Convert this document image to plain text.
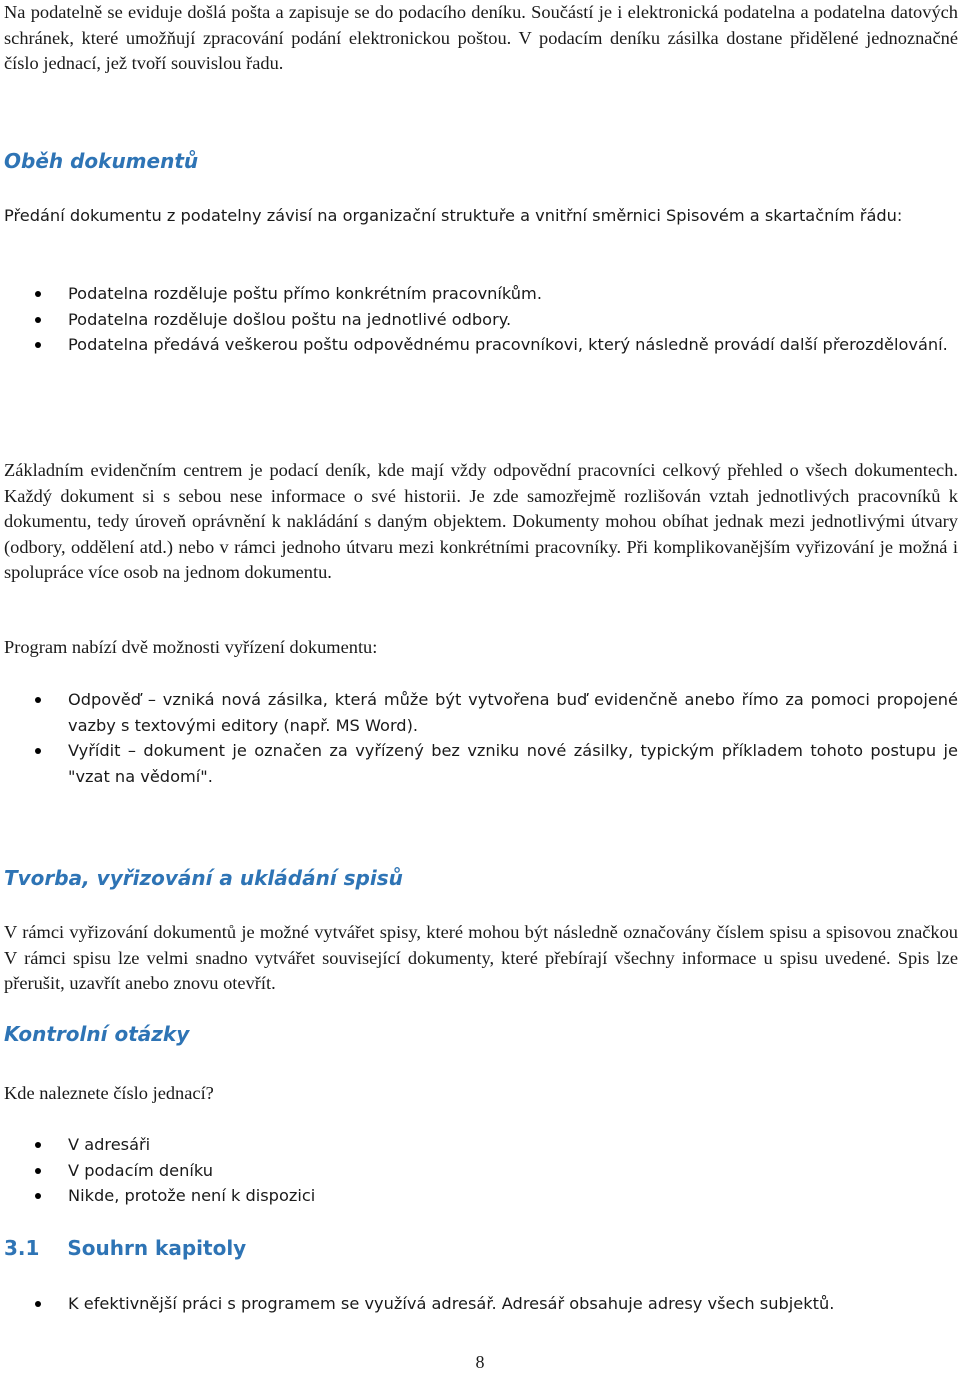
Na podatelně se eviduje došlá pošta a zapisuje se do podacího deníku. Součástí je i elektronická podatelna a podatelna datových schránek, které umožňují zpracování podání elektronickou poštou. V podacím deníku zásilka dostane přidělené jednoznačné číslo jednací, jež tvoří souvislou řadu.

Oběh dokumentů

Předání dokumentu z podatelny závisí na organizační struktuře a vnitřní směrnici Spisovém a skartačním řádu:

Podatelna rozděluje poštu přímo konkrétním pracovníkům.
Podatelna rozděluje došlou poštu na jednotlivé odbory.
Podatelna předává veškerou poštu odpovědnému pracovníkovi, který následně provádí další přerozdělování.

Základním evidenčním centrem je podací deník, kde mají vždy odpovědní pracovníci celkový přehled o všech dokumentech. Každý dokument si s sebou nese informace o své historii. Je zde samozřejmě rozlišován vztah jednotlivých pracovníků k dokumentu, tedy úroveň oprávnění k nakládání s daným objektem. Dokumenty mohou obíhat jednak mezi jednotlivými útvary (odbory, oddělení atd.) nebo v rámci jednoho útvaru mezi konkrétními pracovníky. Při komplikovanějším vyřizování je možná i spolupráce více osob na jednom dokumentu.

Program nabízí dvě možnosti vyřízení dokumentu:

Odpověď – vzniká nová zásilka, která může být vytvořena buď evidenčně anebo římo za pomoci propojené vazby s textovými editory (např. MS Word).
Vyřídit – dokument je označen za vyřízený bez vzniku nové zásilky, typickým příkladem tohoto postupu je "vzat na vědomí".
Tvorba, vyřizování a ukládání spisů

V rámci vyřizování dokumentů je možné vytvářet spisy, které mohou být následně označovány číslem spisu a spisovou značkou V rámci spisu lze velmi snadno vytvářet související dokumenty, které přebírají všechny informace u spisu uvedené. Spis lze přerušit, uzavřít anebo znovu otevřít.

Kontrolní otázky

Kde naleznete číslo jednací?

V adresáři
V podacím deníku
Nikde, protože není k dispozici
3.1 Souhrn kapitoly
K efektivnější práci s programem se využívá adresář. Adresář obsahuje adresy všech subjektů.
8
